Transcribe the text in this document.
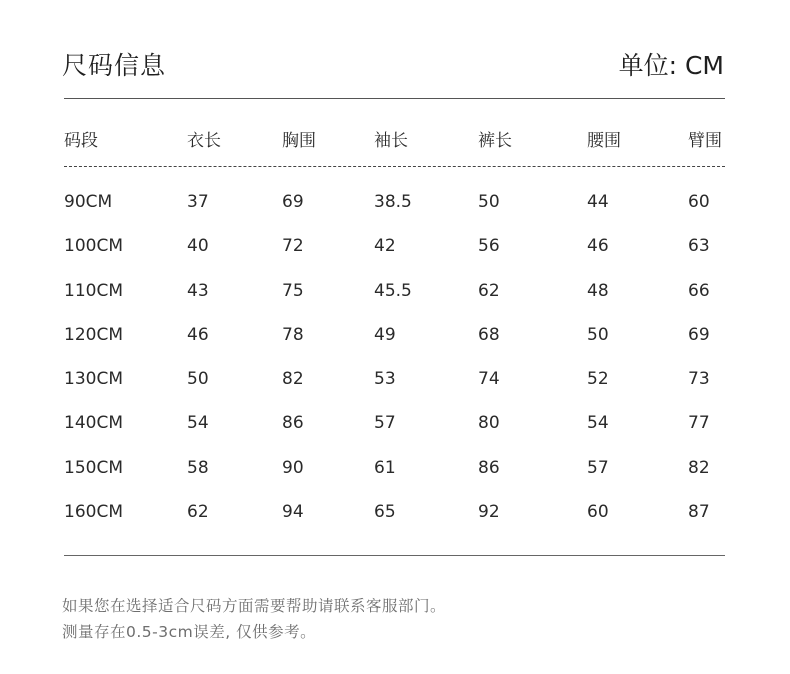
尺码信息	单位: CM
码段	衣长	胸围	袖长	裤长	腰围	臂围
90CM	37	69	38.5	50	44	60
100CM	40	72	42	56	46	63
110CM	43	75	45.5	62	48	66
120CM	46	78	49	68	50	69
130CM	50	82	53	74	52	73
140CM	54	86	57	80	54	77
150CM	58	90	61	86	57	82
160CM	62	94	65	92	60	87
如果您在选择适合尺码方面需要帮助请联系客服部门。
测量存在0.5-3cm误差, 仅供参考。
